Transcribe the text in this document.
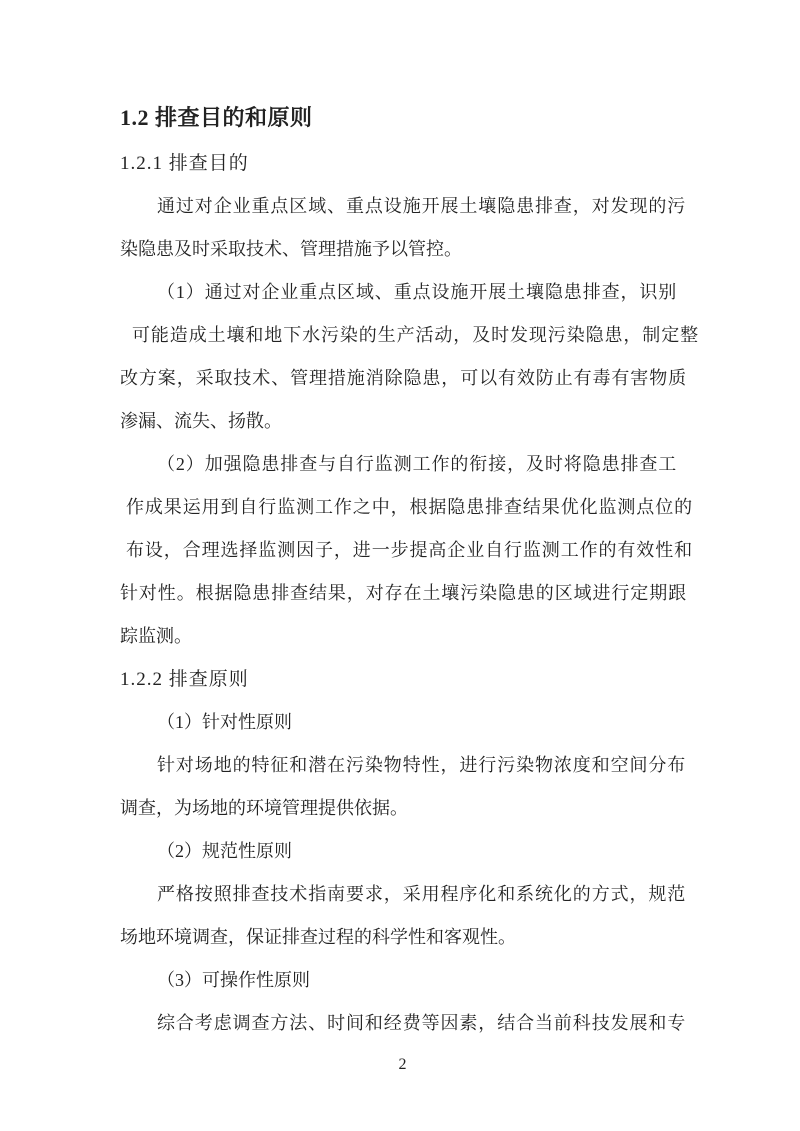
1.2 排查目的和原则
1.2.1 排查目的
通过对企业重点区域、重点设施开展土壤隐患排查，对发现的污
染隐患及时采取技术、管理措施予以管控。
（1）通过对企业重点区域、重点设施开展土壤隐患排查，识别
可能造成土壤和地下水污染的生产活动，及时发现污染隐患，制定整
改方案，采取技术、管理措施消除隐患，可以有效防止有毒有害物质
渗漏、流失、扬散。
（2）加强隐患排查与自行监测工作的衔接，及时将隐患排查工
作成果运用到自行监测工作之中，根据隐患排查结果优化监测点位的
布设，合理选择监测因子，进一步提高企业自行监测工作的有效性和
针对性。根据隐患排查结果，对存在土壤污染隐患的区域进行定期跟
踪监测。
1.2.2 排查原则
（1）针对性原则
针对场地的特征和潜在污染物特性，进行污染物浓度和空间分布
调查，为场地的环境管理提供依据。
（2）规范性原则
严格按照排查技术指南要求，采用程序化和系统化的方式，规范
场地环境调查，保证排查过程的科学性和客观性。
（3）可操作性原则
综合考虑调查方法、时间和经费等因素，结合当前科技发展和专
2
